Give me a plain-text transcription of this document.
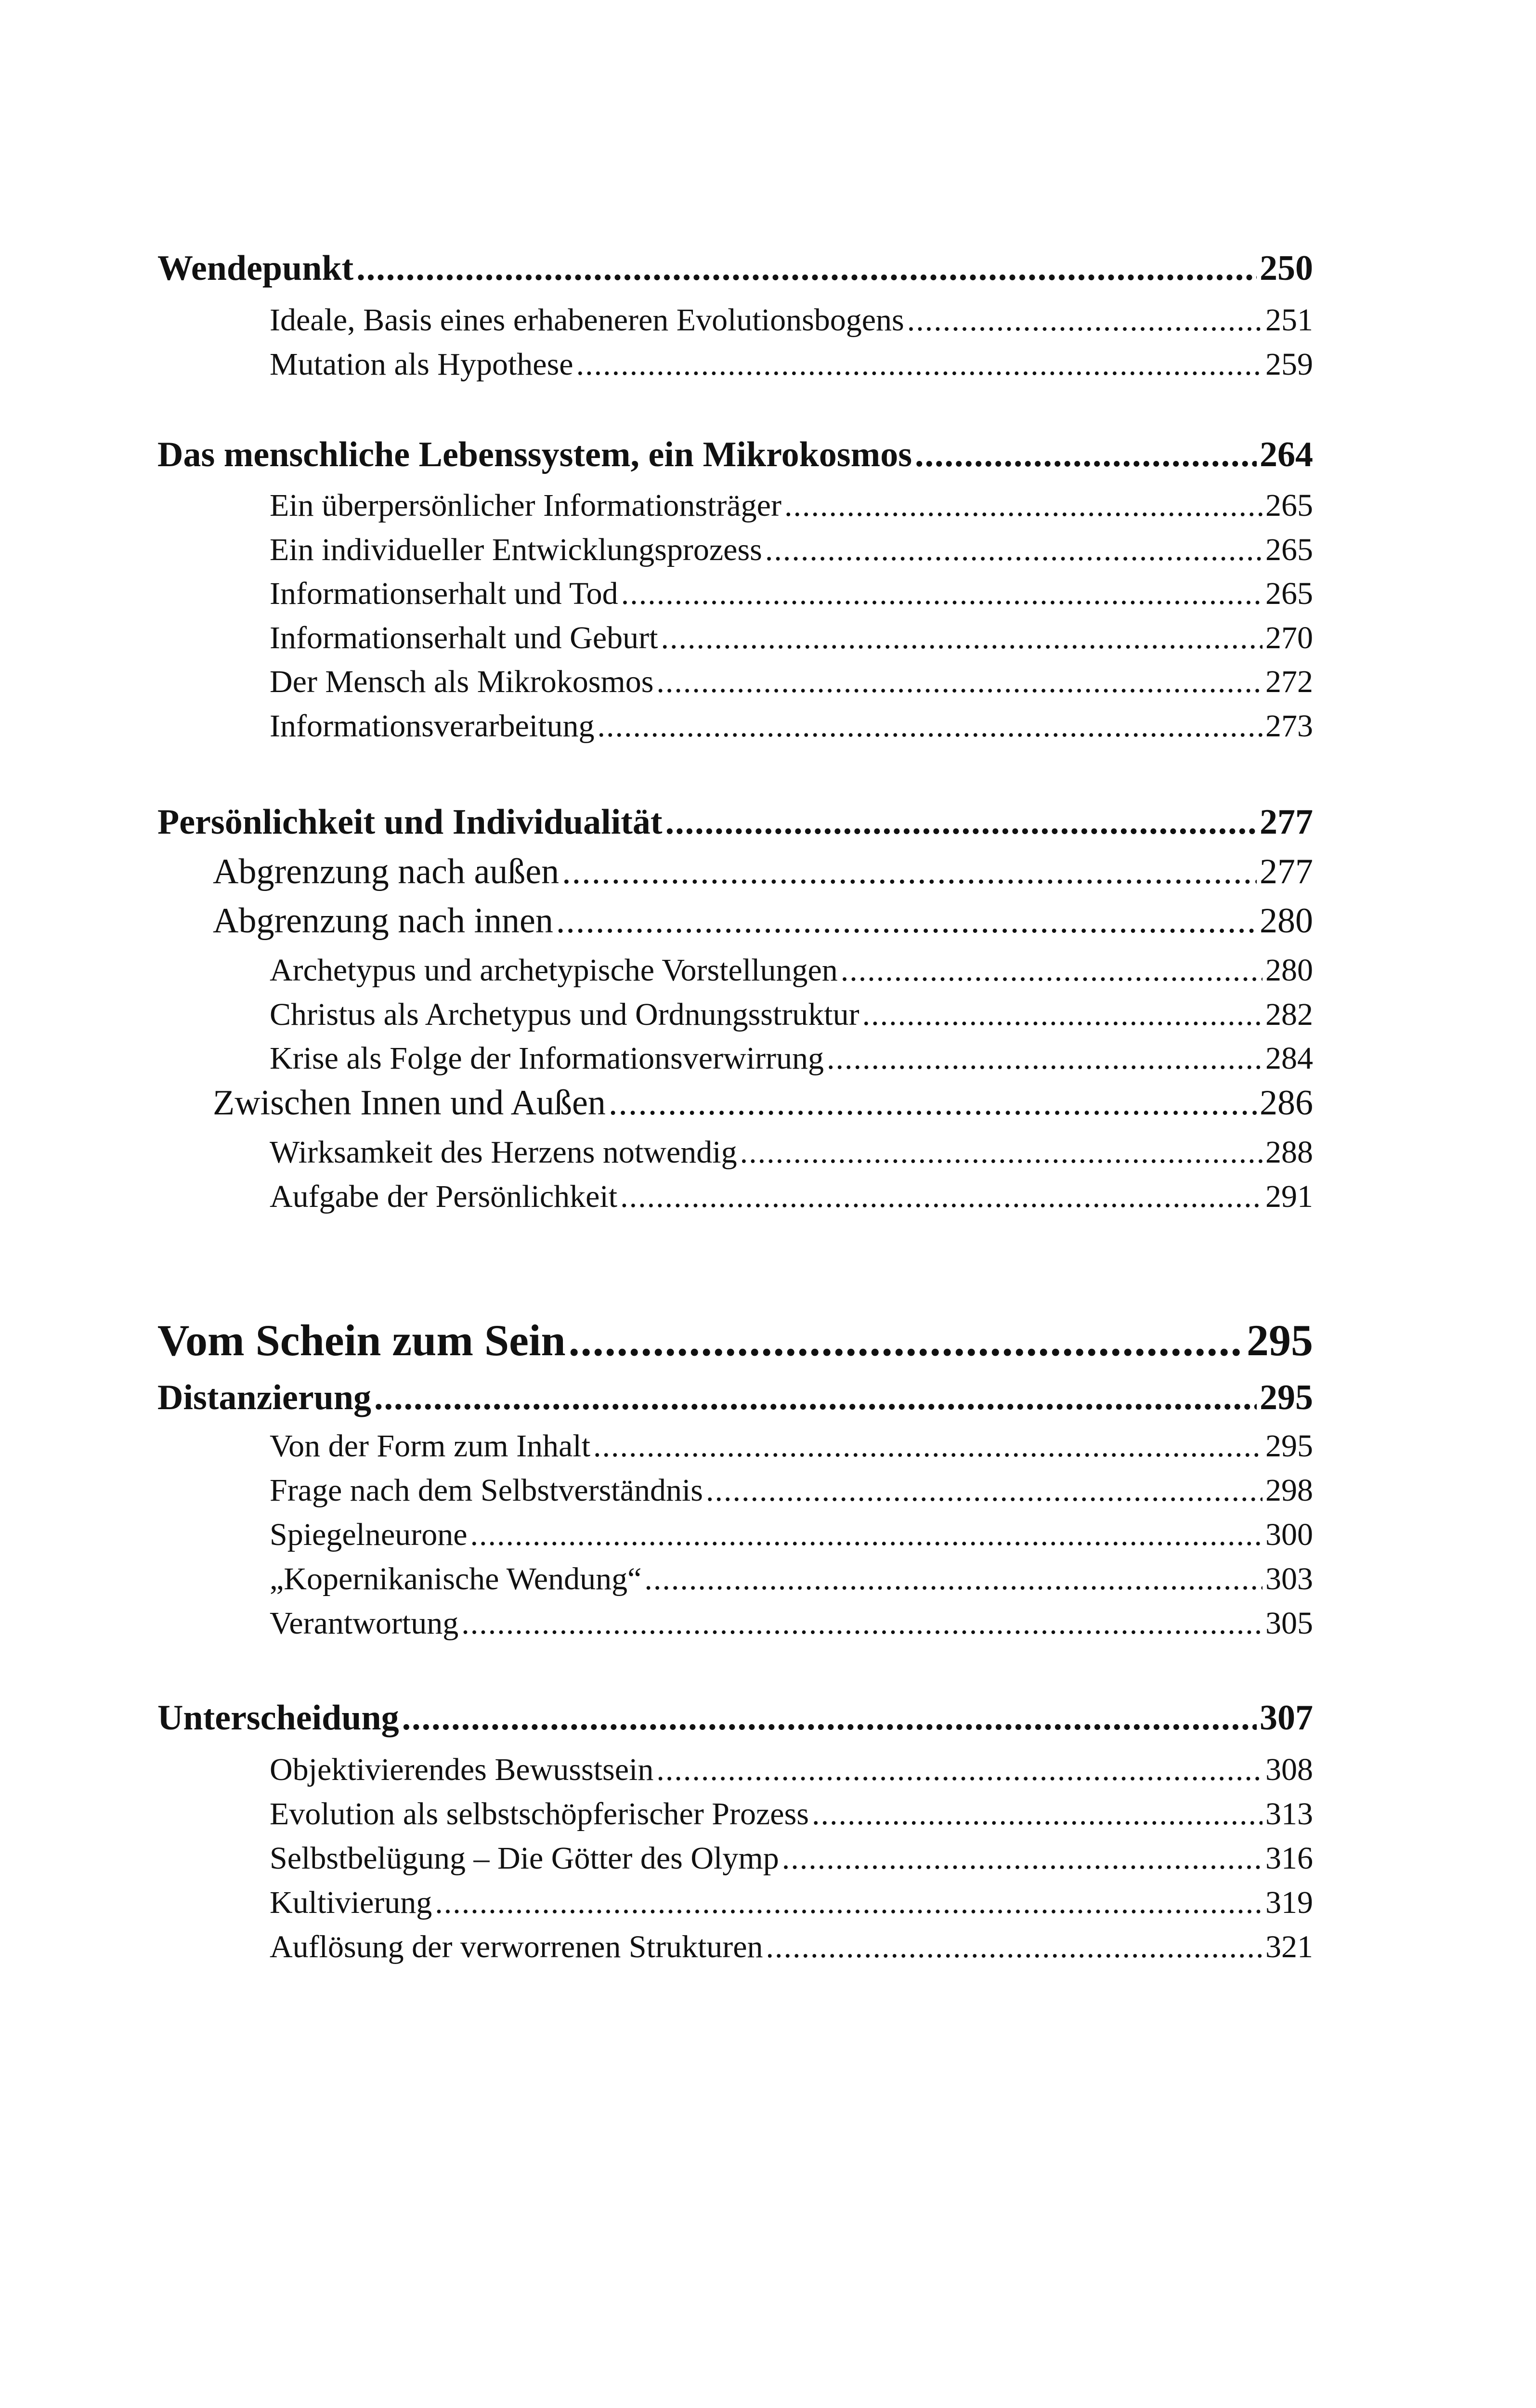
Wendepunkt .....	250
Ideale, Basis eines erhabeneren Evolutionsbogens .....	251
Mutation als Hypothese .....	259
Das menschliche Lebenssystem, ein Mikrokosmos .....	264
Ein überpersönlicher Informationsträger .....	265
Ein individueller Entwicklungsprozess .....	265
Informationserhalt und Tod .....	265
Informationserhalt und Geburt .....	270
Der Mensch als Mikrokosmos .....	272
Informationsverarbeitung .....	273
Persönlichkeit und Individualität .....	277
Abgrenzung nach außen .....	277
Abgrenzung nach innen .....	280
Archetypus und archetypische Vorstellungen .....	280
Christus als Archetypus und Ordnungsstruktur .....	282
Krise als Folge der Informationsverwirrung .....	284
Zwischen Innen und Außen .....	286
Wirksamkeit des Herzens notwendig .....	288
Aufgabe der Persönlichkeit .....	291
Vom Schein zum Sein .....	295
Distanzierung .....	295
Von der Form zum Inhalt .....	295
Frage nach dem Selbstverständnis .....	298
Spiegelneurone .....	300
„Kopernikanische Wendung“ .....	303
Verantwortung .....	305
Unterscheidung .....	307
Objektivierendes Bewusstsein .....	308
Evolution als selbstschöpferischer Prozess .....	313
Selbstbelügung – Die Götter des Olymp .....	316
Kultivierung .....	319
Auflösung der verworrenen Strukturen .....	321
